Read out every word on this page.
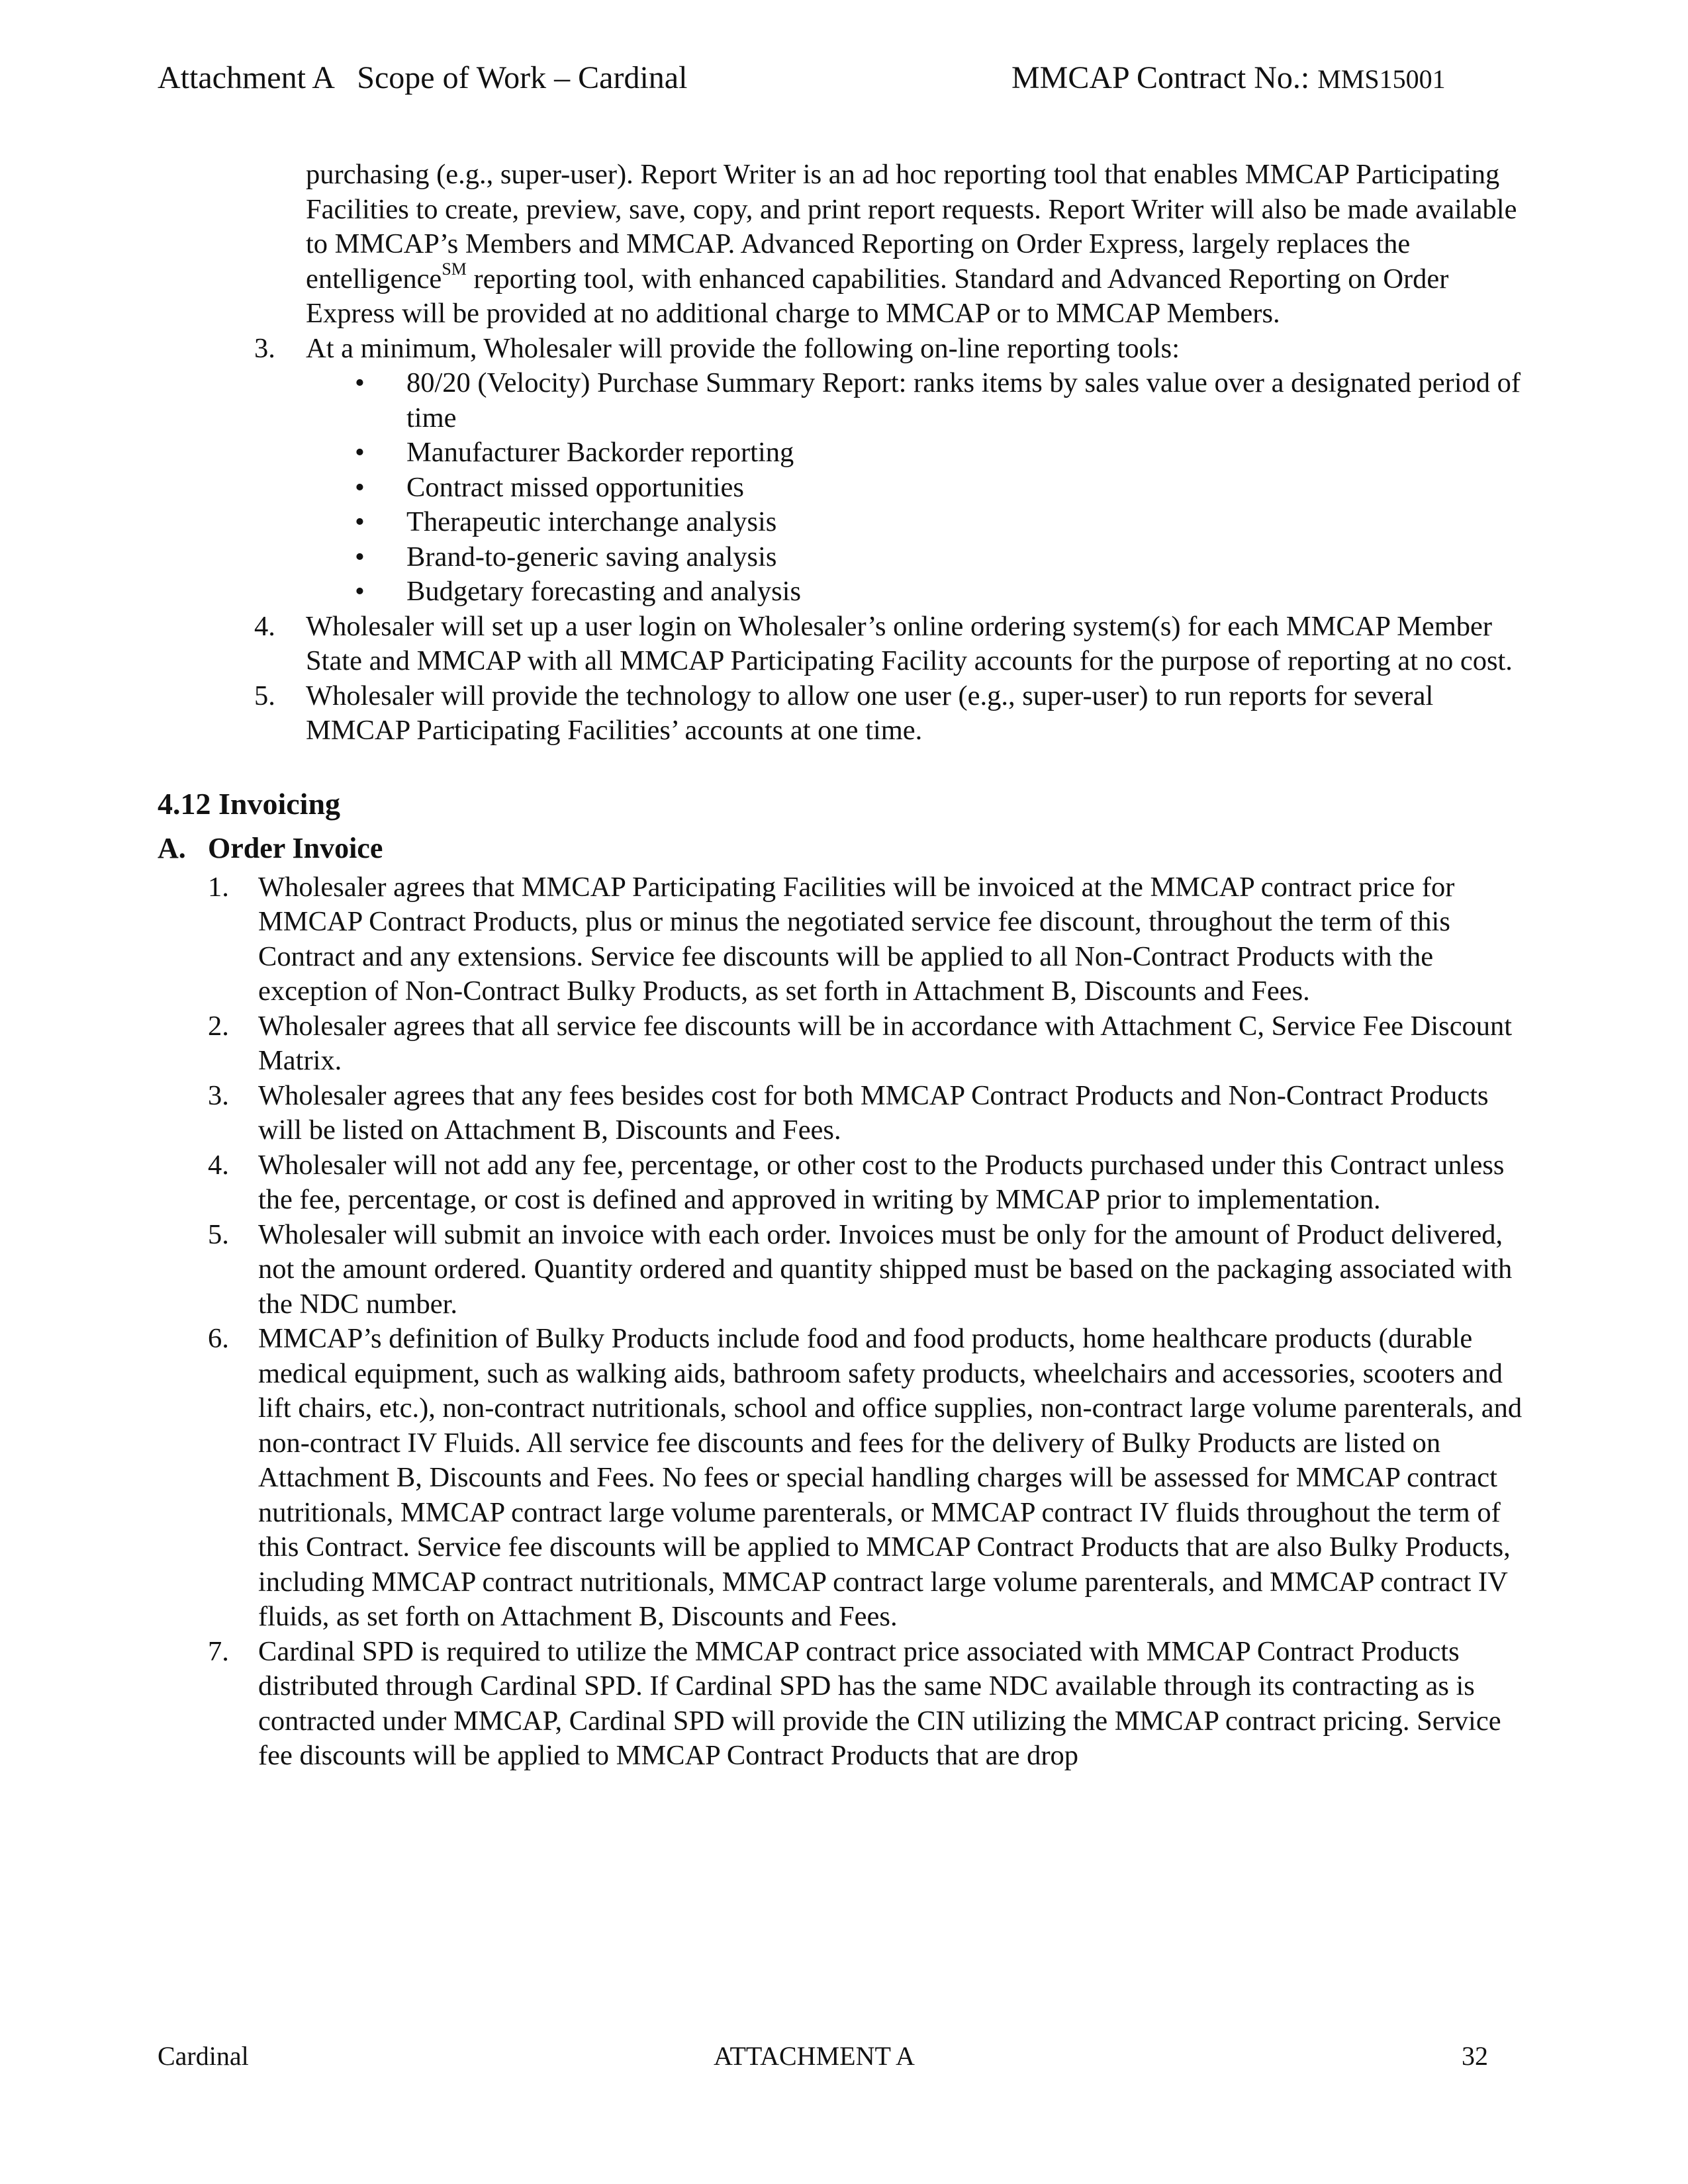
Attachment A   Scope of Work – Cardinal	MMCAP Contract No.: MMS15001

purchasing (e.g., super-user). Report Writer is an ad hoc reporting tool that enables MMCAP Participating Facilities to create, preview, save, copy, and print report requests. Report Writer will also be made available to MMCAP’s Members and MMCAP. Advanced Reporting on Order Express, largely replaces the entelligence℠ reporting tool, with enhanced capabilities. Standard and Advanced Reporting on Order Express will be provided at no additional charge to MMCAP or to MMCAP Members.

3. At a minimum, Wholesaler will provide the following on-line reporting tools:
• 80/20 (Velocity) Purchase Summary Report: ranks items by sales value over a designated period of time
• Manufacturer Backorder reporting
• Contract missed opportunities
• Therapeutic interchange analysis
• Brand-to-generic saving analysis
• Budgetary forecasting and analysis
4. Wholesaler will set up a user login on Wholesaler’s online ordering system(s) for each MMCAP Member State and MMCAP with all MMCAP Participating Facility accounts for the purpose of reporting at no cost.
5. Wholesaler will provide the technology to allow one user (e.g., super-user) to run reports for several MMCAP Participating Facilities’ accounts at one time.
4.12 Invoicing
A. Order Invoice
1. Wholesaler agrees that MMCAP Participating Facilities will be invoiced at the MMCAP contract price for MMCAP Contract Products, plus or minus the negotiated service fee discount, throughout the term of this Contract and any extensions. Service fee discounts will be applied to all Non-Contract Products with the exception of Non-Contract Bulky Products, as set forth in Attachment B, Discounts and Fees.
2. Wholesaler agrees that all service fee discounts will be in accordance with Attachment C, Service Fee Discount Matrix.
3. Wholesaler agrees that any fees besides cost for both MMCAP Contract Products and Non-Contract Products will be listed on Attachment B, Discounts and Fees.
4. Wholesaler will not add any fee, percentage, or other cost to the Products purchased under this Contract unless the fee, percentage, or cost is defined and approved in writing by MMCAP prior to implementation.
5. Wholesaler will submit an invoice with each order. Invoices must be only for the amount of Product delivered, not the amount ordered. Quantity ordered and quantity shipped must be based on the packaging associated with the NDC number.
6. MMCAP’s definition of Bulky Products include food and food products, home healthcare products (durable medical equipment, such as walking aids, bathroom safety products, wheelchairs and accessories, scooters and lift chairs, etc.), non-contract nutritionals, school and office supplies, non-contract large volume parenterals, and non-contract IV Fluids. All service fee discounts and fees for the delivery of Bulky Products are listed on Attachment B, Discounts and Fees. No fees or special handling charges will be assessed for MMCAP contract nutritionals, MMCAP contract large volume parenterals, or MMCAP contract IV fluids throughout the term of this Contract. Service fee discounts will be applied to MMCAP Contract Products that are also Bulky Products, including MMCAP contract nutritionals, MMCAP contract large volume parenterals, and MMCAP contract IV fluids, as set forth on Attachment B, Discounts and Fees.
7. Cardinal SPD is required to utilize the MMCAP contract price associated with MMCAP Contract Products distributed through Cardinal SPD. If Cardinal SPD has the same NDC available through its contracting as is contracted under MMCAP, Cardinal SPD will provide the CIN utilizing the MMCAP contract pricing. Service fee discounts will be applied to MMCAP Contract Products that are drop
Cardinal	ATTACHMENT A	32
